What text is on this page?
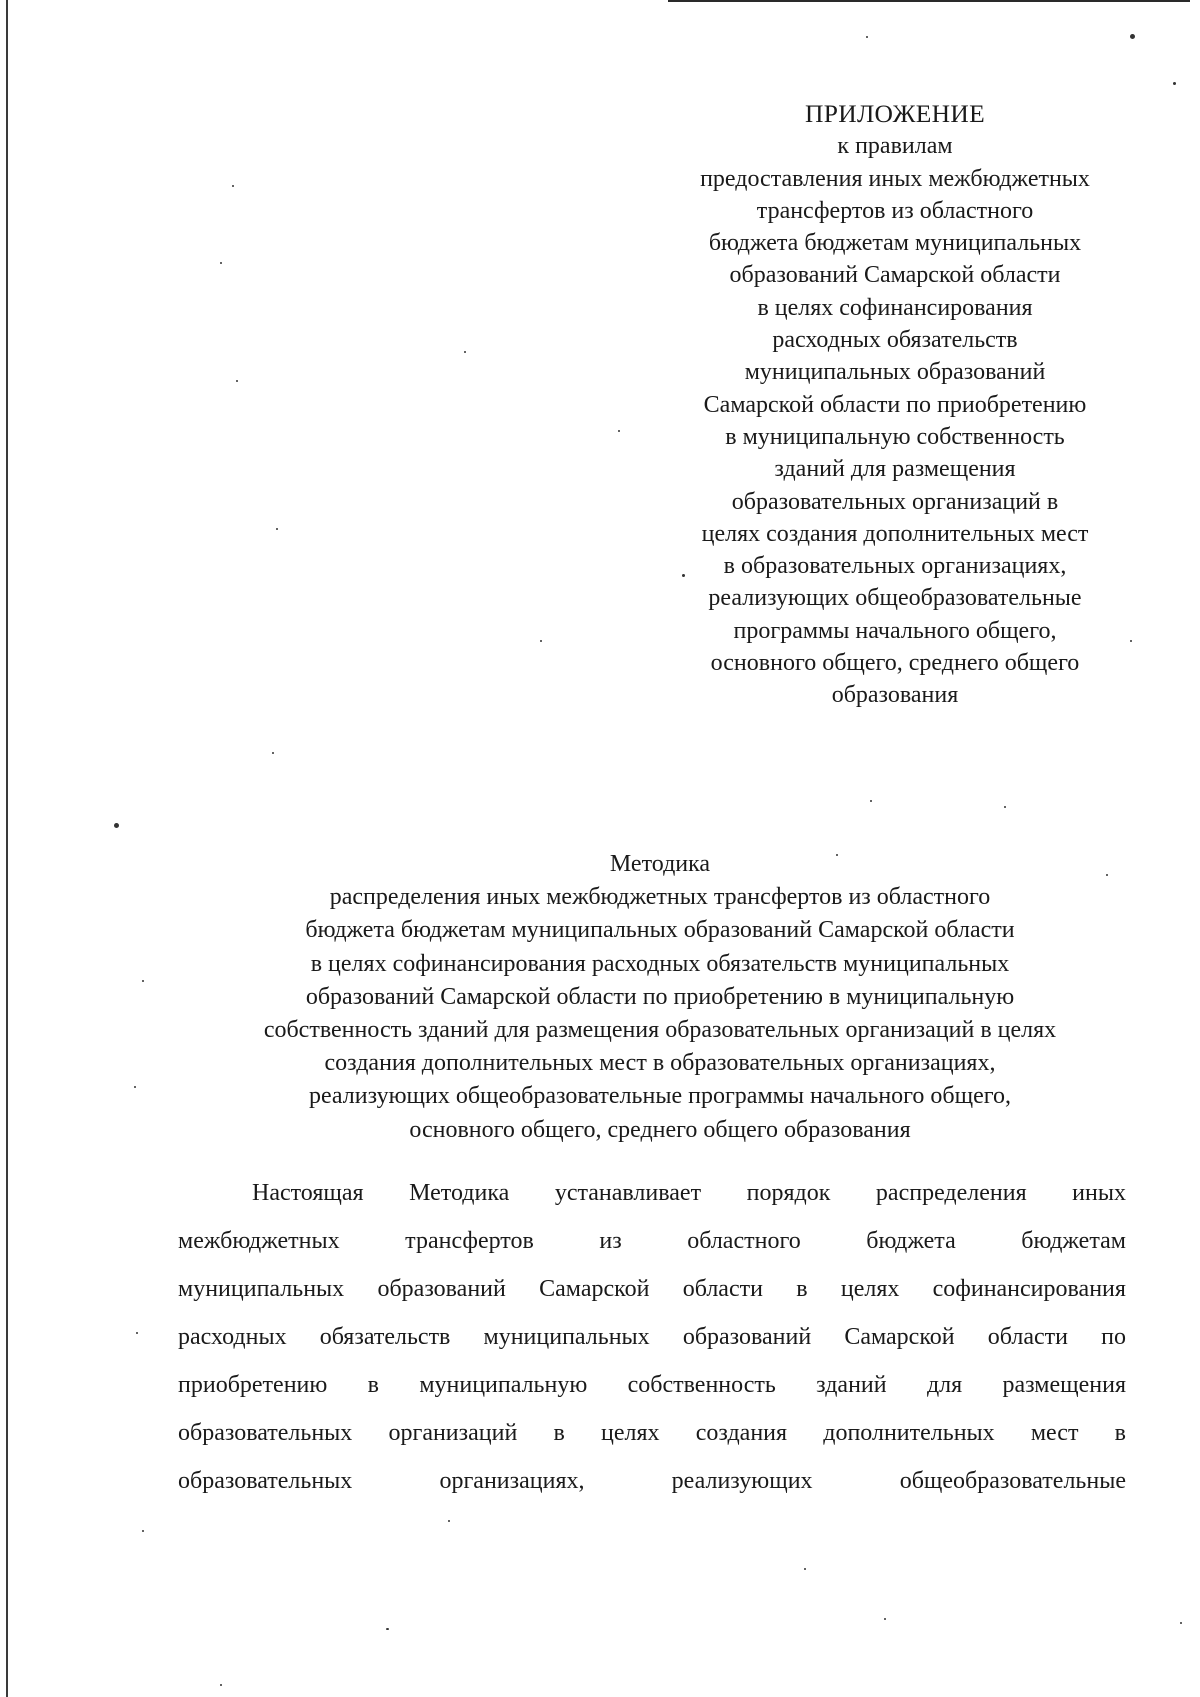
ПРИЛОЖЕНИЕ
к правилам
предоставления иных межбюджетных
трансфертов из областного
бюджета бюджетам муниципальных
образований Самарской области
в целях софинансирования
расходных обязательств
муниципальных образований
Самарской области по приобретению
в муниципальную собственность
зданий для размещения
образовательных организаций в
целях создания дополнительных мест
в образовательных организациях,
реализующих общеобразовательные
программы начального общего,
основного общего, среднего общего
образования
Методика
распределения иных межбюджетных трансфертов из областного
бюджета бюджетам муниципальных образований Самарской области
в целях софинансирования расходных обязательств муниципальных
образований Самарской области по приобретению в муниципальную
собственность зданий для размещения образовательных организаций в целях
создания дополнительных мест в образовательных организациях,
реализующих общеобразовательные программы начального общего,
основного общего, среднего общего образования
Настоящая Методика устанавливает порядок распределения иных
межбюджетных	трансфертов	из	областного	бюджета	бюджетам
муниципальных образований Самарской области в целях софинансирования
расходных обязательств муниципальных образований Самарской области по
приобретению в муниципальную собственность зданий для размещения
образовательных организаций в целях создания дополнительных мест в
образовательных	организациях,	реализующих	общеобразовательные
